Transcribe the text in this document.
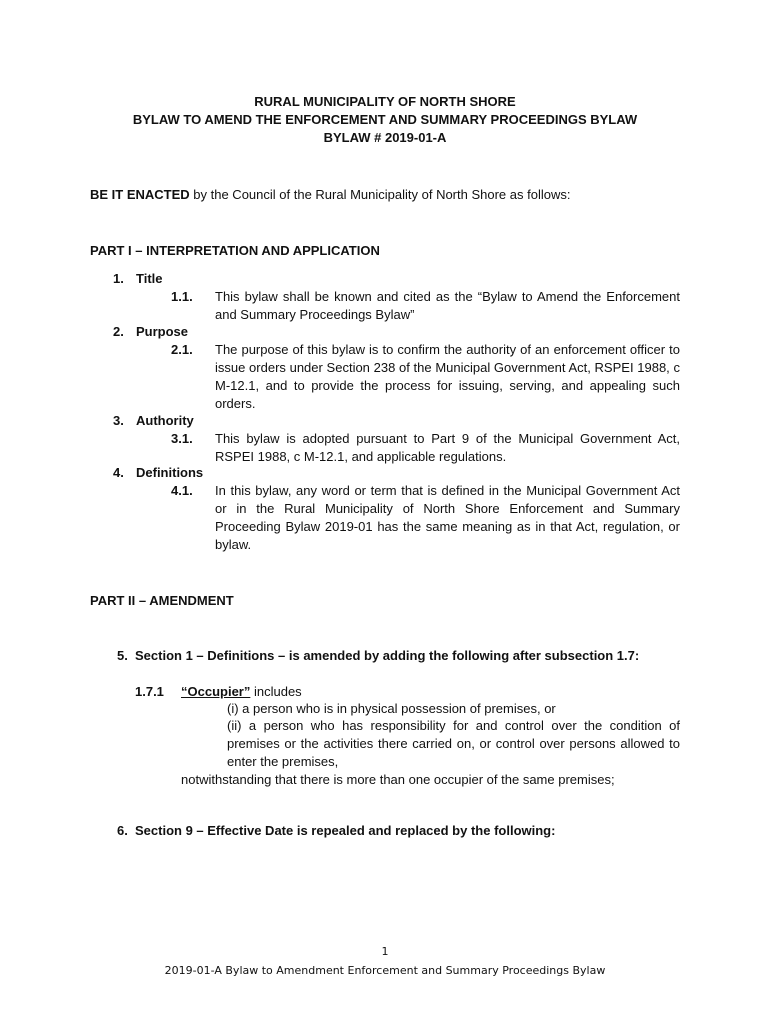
RURAL MUNICIPALITY OF NORTH SHORE
BYLAW TO AMEND THE ENFORCEMENT AND SUMMARY PROCEEDINGS BYLAW
BYLAW # 2019-01-A
BE IT ENACTED by the Council of the Rural Municipality of North Shore as follows:
PART I – INTERPRETATION AND APPLICATION
1. Title
1.1. This bylaw shall be known and cited as the “Bylaw to Amend the Enforcement and Summary Proceedings Bylaw”
2. Purpose
2.1. The purpose of this bylaw is to confirm the authority of an enforcement officer to issue orders under Section 238 of the Municipal Government Act, RSPEI 1988, c M-12.1, and to provide the process for issuing, serving, and appealing such orders.
3. Authority
3.1. This bylaw is adopted pursuant to Part 9 of the Municipal Government Act, RSPEI 1988, c M-12.1, and applicable regulations.
4. Definitions
4.1. In this bylaw, any word or term that is defined in the Municipal Government Act or in the Rural Municipality of North Shore Enforcement and Summary Proceeding Bylaw 2019-01 has the same meaning as in that Act, regulation, or bylaw.
PART II – AMENDMENT
5. Section 1 – Definitions – is amended by adding the following after subsection 1.7:
1.7.1 “Occupier” includes
(i) a person who is in physical possession of premises, or
(ii) a person who has responsibility for and control over the condition of premises or the activities there carried on, or control over persons allowed to enter the premises,
notwithstanding that there is more than one occupier of the same premises;
6. Section 9 – Effective Date is repealed and replaced by the following:
1
2019-01-A Bylaw to Amendment Enforcement and Summary Proceedings Bylaw
